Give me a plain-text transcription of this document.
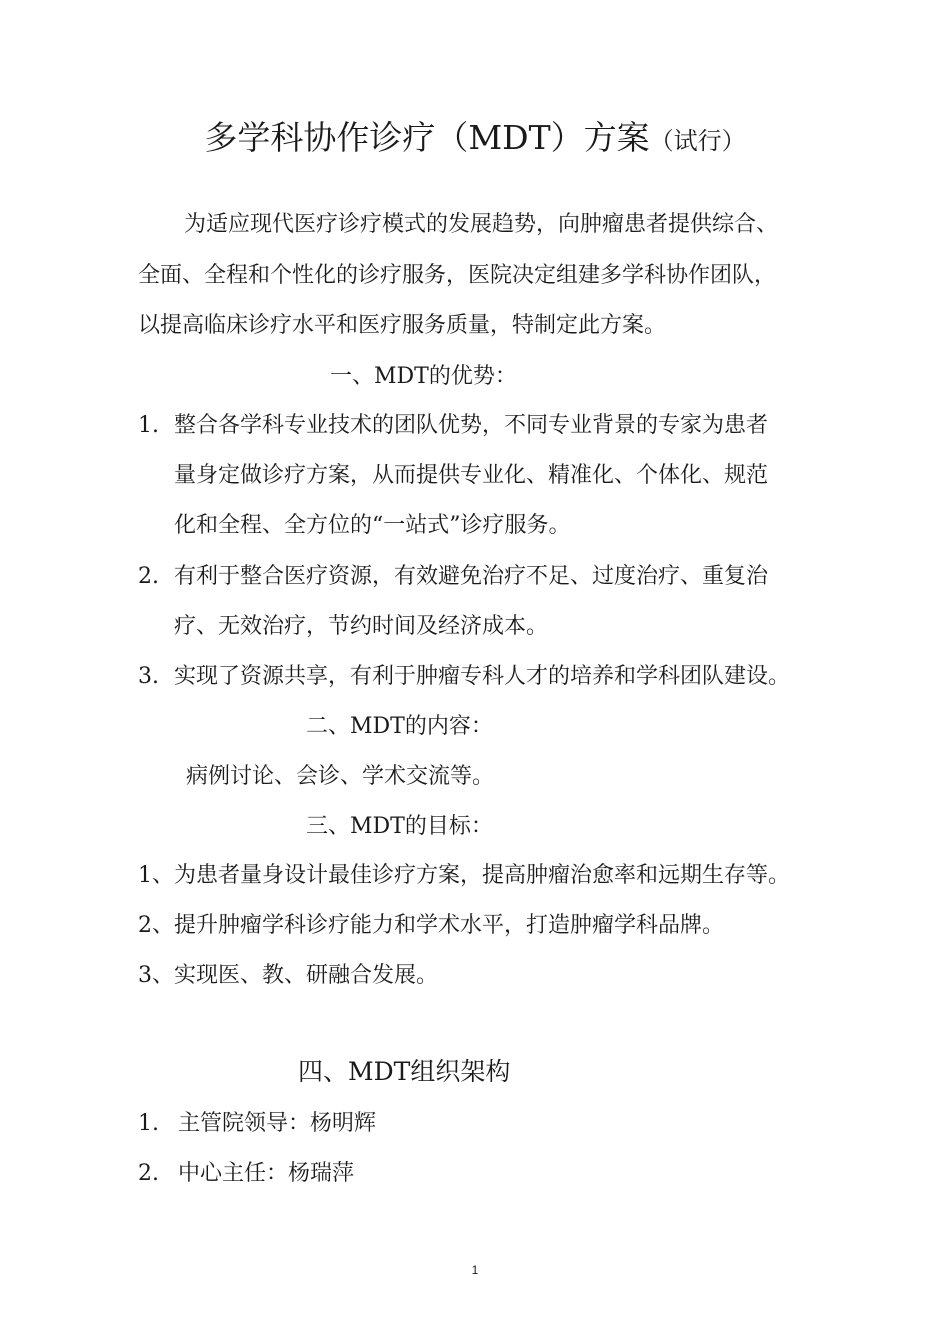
多学科协作诊疗（MDT）方案（试行）
为适应现代医疗诊疗模式的发展趋势，向肿瘤患者提供综合、
全面、全程和个性化的诊疗服务，医院决定组建多学科协作团队，
以提高临床诊疗水平和医疗服务质量，特制定此方案。
一、MDT的优势：
1. 整合各学科专业技术的团队优势，不同专业背景的专家为患者
量身定做诊疗方案，从而提供专业化、精准化、个体化、规范
化和全程、全方位的“一站式”诊疗服务。
2. 有利于整合医疗资源，有效避免治疗不足、过度治疗、重复治
疗、无效治疗，节约时间及经济成本。
3. 实现了资源共享，有利于肿瘤专科人才的培养和学科团队建设。
二、MDT的内容：
病例讨论、会诊、学术交流等。
三、MDT的目标：
1、为患者量身设计最佳诊疗方案，提高肿瘤治愈率和远期生存等。
2、提升肿瘤学科诊疗能力和学术水平，打造肿瘤学科品牌。
3、实现医、教、研融合发展。
四、MDT组织架构
1. 主管院领导：杨明辉
2. 中心主任：杨瑞萍
1
